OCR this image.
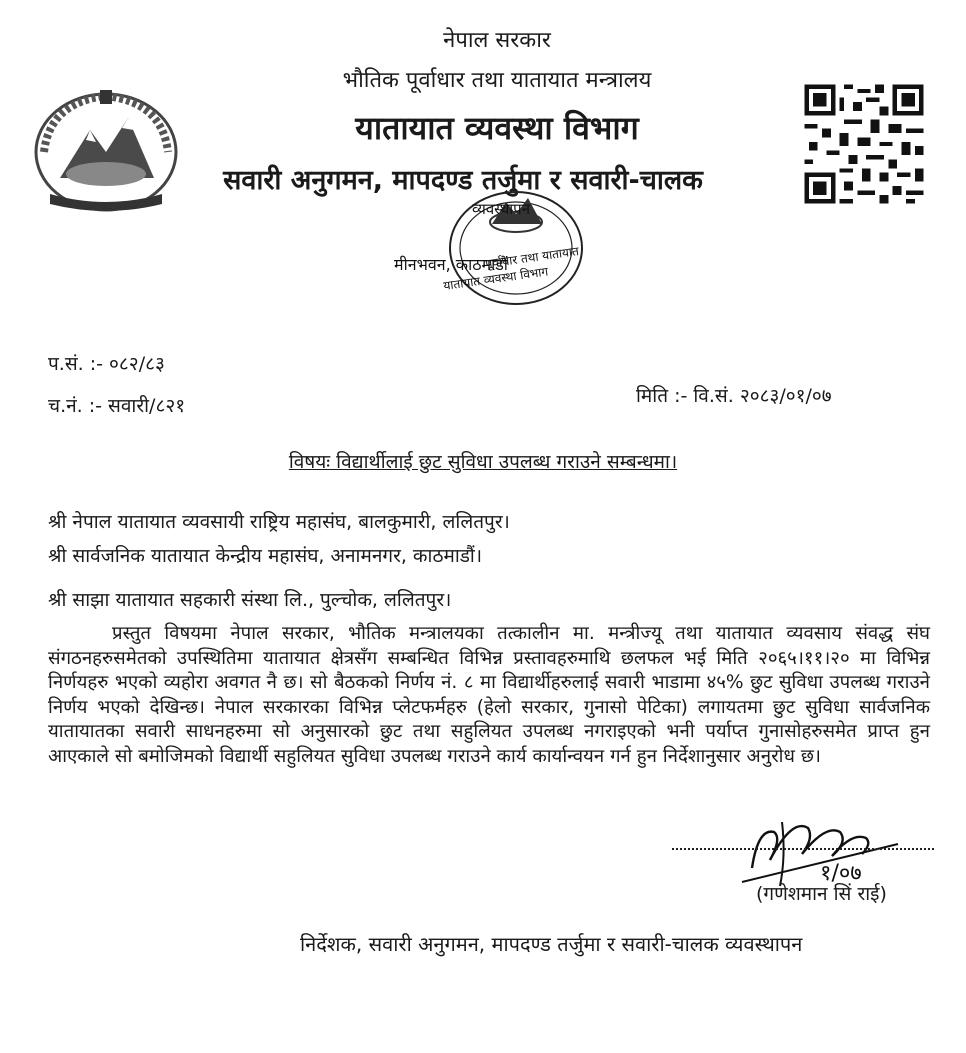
नेपाल सरकार
भौतिक पूर्वाधार तथा यातायात मन्त्रालय
यातायात व्यवस्था विभाग
सवारी अनुगमन, मापदण्ड तर्जुमा र सवारी-चालक
व्यवस्थापन
पूर्वाधार तथा यातायात
यातायात व्यवस्था विभाग
मीनभवन, काठमाडौं
प.सं. :- ०८२/८३
च.नं. :- सवारी/८२१	मिति :- वि.सं. २०८३/०१/०७
विषयः विद्यार्थीलाई छुट सुविधा उपलब्ध गराउने सम्बन्धमा।
श्री नेपाल यातायात व्यवसायी राष्ट्रिय महासंघ, बालकुमारी, ललितपुर।
श्री सार्वजनिक यातायात केन्द्रीय महासंघ, अनामनगर, काठमाडौं।
श्री साझा यातायात सहकारी संस्था लि., पुल्चोक, ललितपुर।
प्रस्तुत विषयमा नेपाल सरकार, भौतिक मन्त्रालयका तत्कालीन मा. मन्त्रीज्यू तथा यातायात व्यवसाय संवद्ध संघ संगठनहरुसमेतको उपस्थितिमा यातायात क्षेत्रसँग सम्बन्धित विभिन्न प्रस्तावहरुमाथि छलफल भई मिति २०६५।११।२० मा विभिन्न निर्णयहरु भएको व्यहोरा अवगत नै छ। सो बैठकको निर्णय नं. ८ मा विद्यार्थीहरुलाई सवारी भाडामा ४५% छुट सुविधा उपलब्ध गराउने निर्णय भएको देखिन्छ। नेपाल सरकारका विभिन्न प्लेटफर्महरु (हेलो सरकार, गुनासो पेटिका) लगायतमा छुट सुविधा सार्वजनिक यातायातका सवारी साधनहरुमा सो अनुसारको छुट तथा सहुलियत उपलब्ध नगराइएको भनी पर्याप्त गुनासोहरुसमेत प्राप्त हुन आएकाले सो बमोजिमको विद्यार्थी सहुलियत सुविधा उपलब्ध गराउने कार्य कार्यान्वयन गर्न हुन निर्देशानुसार अनुरोध छ।
१/०७
(गणेशमान सिं राई)
निर्देशक, सवारी अनुगमन, मापदण्ड तर्जुमा र सवारी-चालक व्यवस्थापन
